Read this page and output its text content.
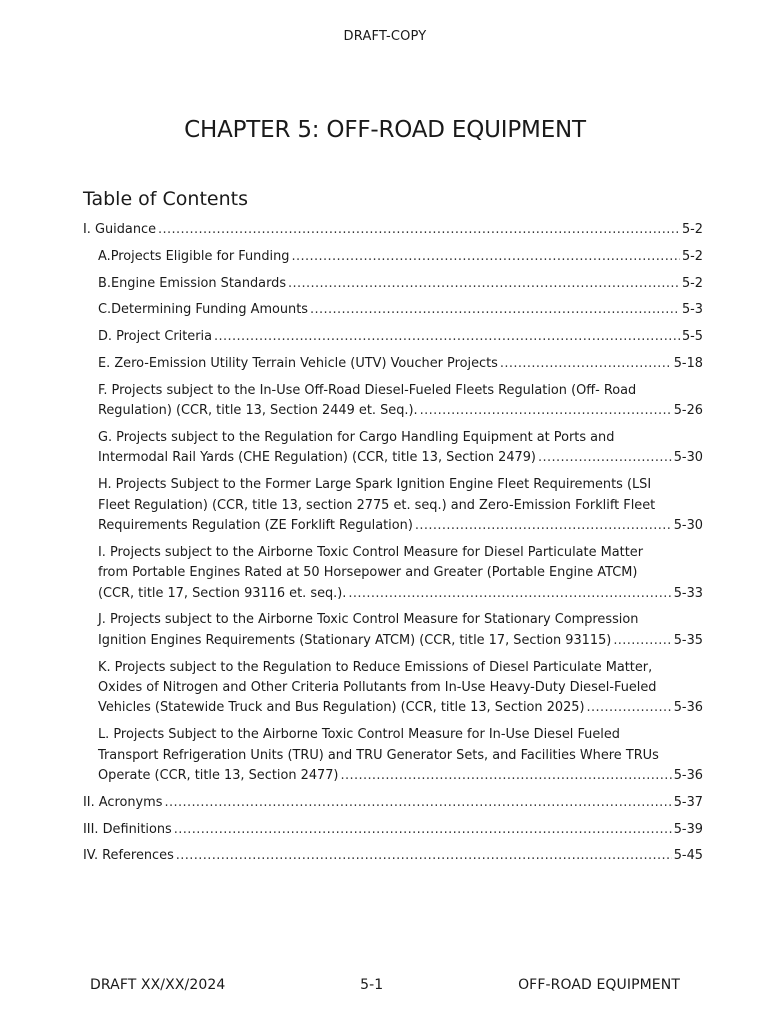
DRAFT-COPY
CHAPTER 5: OFF-ROAD EQUIPMENT
Table of Contents
I. Guidance .....	5-2
A. Projects Eligible for Funding .....	5-2
B. Engine Emission Standards .....	5-2
C. Determining Funding Amounts .....	5-3
D. Project Criteria .....	5-5
E. Zero-Emission Utility Terrain Vehicle (UTV) Voucher Projects .....	5-18
F. Projects subject to the In-Use Off-Road Diesel-Fueled Fleets Regulation (Off- Road
Regulation) (CCR, title 13, Section 2449 et. Seq.). .....	5-26
G. Projects subject to the Regulation for Cargo Handling Equipment at Ports and
Intermodal Rail Yards (CHE Regulation) (CCR, title 13, Section 2479) .....	5-30
H. Projects Subject to the Former Large Spark Ignition Engine Fleet Requirements (LSI
Fleet Regulation) (CCR, title 13, section 2775 et. seq.) and Zero-Emission Forklift Fleet
Requirements Regulation (ZE Forklift Regulation) .....	5-30
I. Projects subject to the Airborne Toxic Control Measure for Diesel Particulate Matter
from Portable Engines Rated at 50 Horsepower and Greater (Portable Engine ATCM)
(CCR, title 17, Section 93116 et. seq.). .....	5-33
J. Projects subject to the Airborne Toxic Control Measure for Stationary Compression
Ignition Engines Requirements (Stationary ATCM) (CCR, title 17, Section 93115) .....	5-35
K. Projects subject to the Regulation to Reduce Emissions of Diesel Particulate Matter,
Oxides of Nitrogen and Other Criteria Pollutants from In-Use Heavy-Duty Diesel-Fueled
Vehicles (Statewide Truck and Bus Regulation) (CCR, title 13, Section 2025) .....	5-36
L. Projects Subject to the Airborne Toxic Control Measure for In-Use Diesel Fueled
Transport Refrigeration Units (TRU) and TRU Generator Sets, and Facilities Where TRUs
Operate (CCR, title 13, Section 2477) .....	5-36
II. Acronyms .....	5-37
III. Definitions .....	5-39
IV. References .....	5-45
DRAFT XX/XX/2024	5-1	OFF-ROAD EQUIPMENT
